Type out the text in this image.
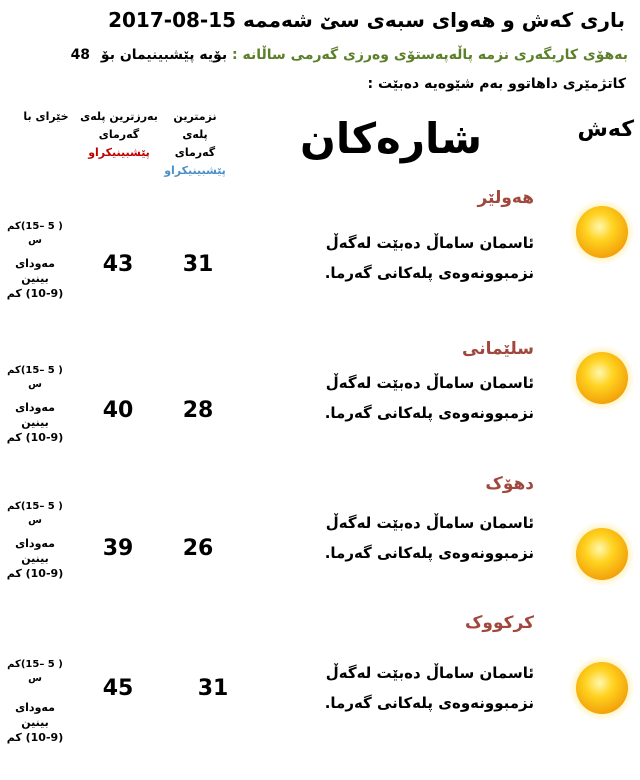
باری کەش و هەوای سبەی سێ شەممە 15-08-2017
بەهۆی کاریگەری نزمە پاڵەپەستۆی وەرزی گەرمی ساڵانە : بۆیە پێشبینیمان بۆ 48
کاتژمێری داهاتوو بەم شێوەیە دەبێت :
کەش
شارەکان
نزمترین پلەی
گەرمای
پێشبینیکراو
بەرزترین پلەی
گەرمای
پێشبینیکراو
خێرای با
هەولێر
ئاسمان ساماڵ دەبێت لەگەڵ
نزمبوونەوەی پلەکانی گەرما.
31
43
( 5 –15)کم س
مەودای بینین
(10-9) کم
سلێمانی
ئاسمان ساماڵ دەبێت لەگەڵ
نزمبوونەوەی پلەکانی گەرما.
28
40
( 5 –15)کم س
مەودای بینین
(10-9) کم
دهۆک
ئاسمان ساماڵ دەبێت لەگەڵ
نزمبوونەوەی پلەکانی گەرما.
26
39
( 5 –15)کم س
مەودای بینین
(10-9) کم
کرکووک
ئاسمان ساماڵ دەبێت لەگەڵ
نزمبوونەوەی پلەکانی گەرما.
31
45
( 5 –15)کم س
مەودای بینین
(10-9) کم
